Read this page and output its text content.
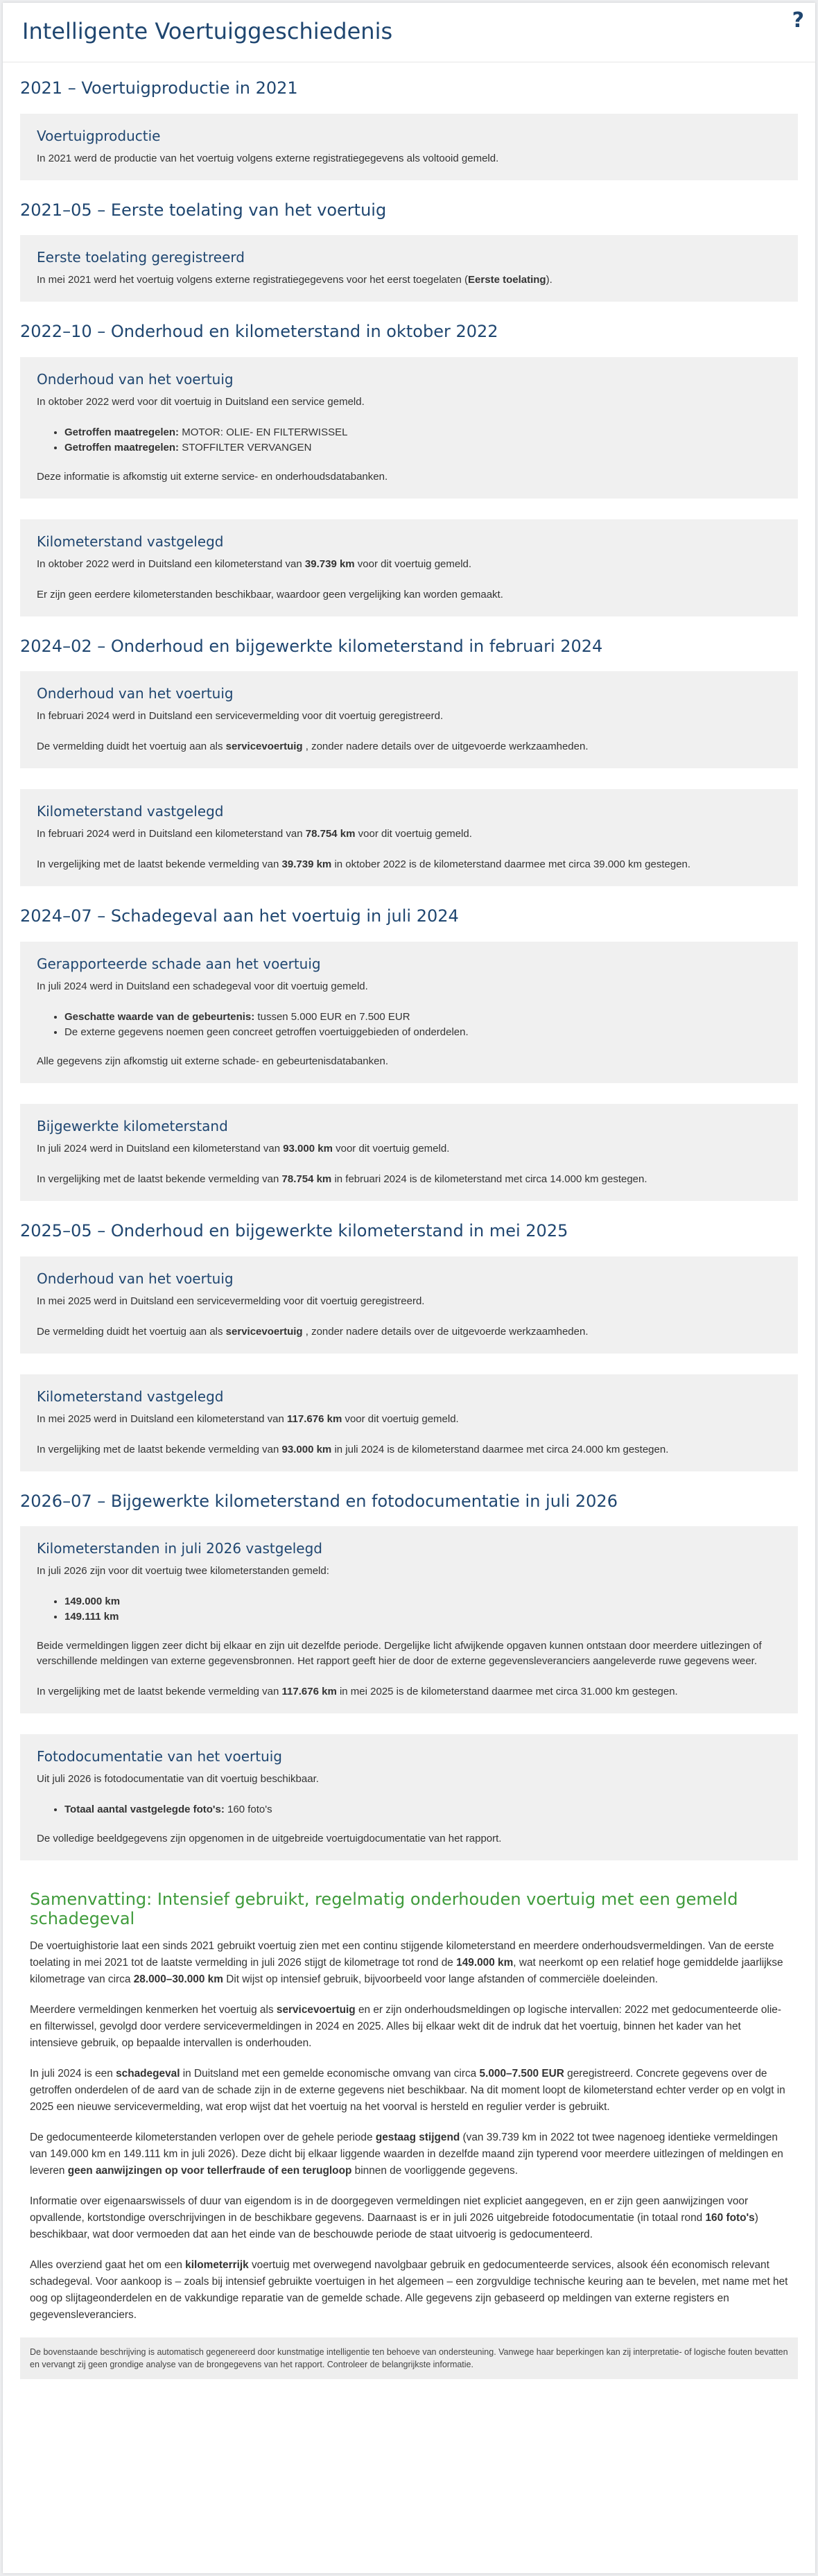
Intelligente Voertuiggeschiedenis	?
2021 – Voertuigproductie in 2021
Voertuigproductie

In 2021 werd de productie van het voertuig volgens externe registratiegegevens als voltooid gemeld.

2021–05 – Eerste toelating van het voertuig
Eerste toelating geregistreerd

In mei 2021 werd het voertuig volgens externe registratiegegevens voor het eerst toegelaten (Eerste toelating).

2022–10 – Onderhoud en kilometerstand in oktober 2022
Onderhoud van het voertuig

In oktober 2022 werd voor dit voertuig in Duitsland een service gemeld.

• Getroffen maatregelen: MOTOR: OLIE- EN FILTERWISSEL
• Getroffen maatregelen: STOFFILTER VERVANGEN

Deze informatie is afkomstig uit externe service- en onderhoudsdatabanken.

Kilometerstand vastgelegd

In oktober 2022 werd in Duitsland een kilometerstand van 39.739 km voor dit voertuig gemeld.

Er zijn geen eerdere kilometerstanden beschikbaar, waardoor geen vergelijking kan worden gemaakt.

2024–02 – Onderhoud en bijgewerkte kilometerstand in februari 2024
Onderhoud van het voertuig

In februari 2024 werd in Duitsland een servicevermelding voor dit voertuig geregistreerd.

De vermelding duidt het voertuig aan als servicevoertuig , zonder nadere details over de uitgevoerde werkzaamheden.

Kilometerstand vastgelegd

In februari 2024 werd in Duitsland een kilometerstand van 78.754 km voor dit voertuig gemeld.

In vergelijking met de laatst bekende vermelding van 39.739 km in oktober 2022 is de kilometerstand daarmee met circa 39.000 km gestegen.

2024–07 – Schadegeval aan het voertuig in juli 2024
Gerapporteerde schade aan het voertuig

In juli 2024 werd in Duitsland een schadegeval voor dit voertuig gemeld.

• Geschatte waarde van de gebeurtenis: tussen 5.000 EUR en 7.500 EUR
• De externe gegevens noemen geen concreet getroffen voertuiggebieden of onderdelen.

Alle gegevens zijn afkomstig uit externe schade- en gebeurtenisdatabanken.

Bijgewerkte kilometerstand

In juli 2024 werd in Duitsland een kilometerstand van 93.000 km voor dit voertuig gemeld.

In vergelijking met de laatst bekende vermelding van 78.754 km in februari 2024 is de kilometerstand met circa 14.000 km gestegen.

2025–05 – Onderhoud en bijgewerkte kilometerstand in mei 2025
Onderhoud van het voertuig

In mei 2025 werd in Duitsland een servicevermelding voor dit voertuig geregistreerd.

De vermelding duidt het voertuig aan als servicevoertuig , zonder nadere details over de uitgevoerde werkzaamheden.

Kilometerstand vastgelegd

In mei 2025 werd in Duitsland een kilometerstand van 117.676 km voor dit voertuig gemeld.

In vergelijking met de laatst bekende vermelding van 93.000 km in juli 2024 is de kilometerstand daarmee met circa 24.000 km gestegen.

2026–07 – Bijgewerkte kilometerstand en fotodocumentatie in juli 2026
Kilometerstanden in juli 2026 vastgelegd

In juli 2026 zijn voor dit voertuig twee kilometerstanden gemeld:

• 149.000 km
• 149.111 km

Beide vermeldingen liggen zeer dicht bij elkaar en zijn uit dezelfde periode. Dergelijke licht afwijkende opgaven kunnen ontstaan door meerdere uitlezingen of verschillende meldingen van externe gegevensbronnen. Het rapport geeft hier de door de externe gegevensleveranciers aangeleverde ruwe gegevens weer.

In vergelijking met de laatst bekende vermelding van 117.676 km in mei 2025 is de kilometerstand daarmee met circa 31.000 km gestegen.

Fotodocumentatie van het voertuig

Uit juli 2026 is fotodocumentatie van dit voertuig beschikbaar.

• Totaal aantal vastgelegde foto's: 160 foto's

De volledige beeldgegevens zijn opgenomen in de uitgebreide voertuigdocumentatie van het rapport.

Samenvatting: Intensief gebruikt, regelmatig onderhouden voertuig met een gemeld schadegeval

De voertuighistorie laat een sinds 2021 gebruikt voertuig zien met een continu stijgende kilometerstand en meerdere onderhoudsvermeldingen. Van de eerste toelating in mei 2021 tot de laatste vermelding in juli 2026 stijgt de kilometrage tot rond de 149.000 km, wat neerkomt op een relatief hoge gemiddelde jaarlijkse kilometrage van circa 28.000–30.000 km Dit wijst op intensief gebruik, bijvoorbeeld voor lange afstanden of commerciële doeleinden.

Meerdere vermeldingen kenmerken het voertuig als servicevoertuig en er zijn onderhoudsmeldingen op logische intervallen: 2022 met gedocumenteerde olie- en filterwissel, gevolgd door verdere servicevermeldingen in 2024 en 2025. Alles bij elkaar wekt dit de indruk dat het voertuig, binnen het kader van het intensieve gebruik, op bepaalde intervallen is onderhouden.

In juli 2024 is een schadegeval in Duitsland met een gemelde economische omvang van circa 5.000–7.500 EUR geregistreerd. Concrete gegevens over de getroffen onderdelen of de aard van de schade zijn in de externe gegevens niet beschikbaar. Na dit moment loopt de kilometerstand echter verder op en volgt in 2025 een nieuwe servicevermelding, wat erop wijst dat het voertuig na het voorval is hersteld en regulier verder is gebruikt.

De gedocumenteerde kilometerstanden verlopen over de gehele periode gestaag stijgend (van 39.739 km in 2022 tot twee nagenoeg identieke vermeldingen van 149.000 km en 149.111 km in juli 2026). Deze dicht bij elkaar liggende waarden in dezelfde maand zijn typerend voor meerdere uitlezingen of meldingen en leveren geen aanwijzingen op voor tellerfraude of een terugloop binnen de voorliggende gegevens.

Informatie over eigenaarswissels of duur van eigendom is in de doorgegeven vermeldingen niet expliciet aangegeven, en er zijn geen aanwijzingen voor opvallende, kortstondige overschrijvingen in de beschikbare gegevens. Daarnaast is er in juli 2026 uitgebreide fotodocumentatie (in totaal rond 160 foto's) beschikbaar, wat door vermoeden dat aan het einde van de beschouwde periode de staat uitvoerig is gedocumenteerd.

Alles overziend gaat het om een kilometerrijk voertuig met overwegend navolgbaar gebruik en gedocumenteerde services, alsook één economisch relevant schadegeval. Voor aankoop is – zoals bij intensief gebruikte voertuigen in het algemeen – een zorgvuldige technische keuring aan te bevelen, met name met het oog op slijtageonderdelen en de vakkundige reparatie van de gemelde schade. Alle gegevens zijn gebaseerd op meldingen van externe registers en gegevensleveranciers.

De bovenstaande beschrijving is automatisch gegenereerd door kunstmatige intelligentie ten behoeve van ondersteuning. Vanwege haar beperkingen kan zij interpretatie- of logische fouten bevatten en vervangt zij geen grondige analyse van de brongegevens van het rapport. Controleer de belangrijkste informatie.
